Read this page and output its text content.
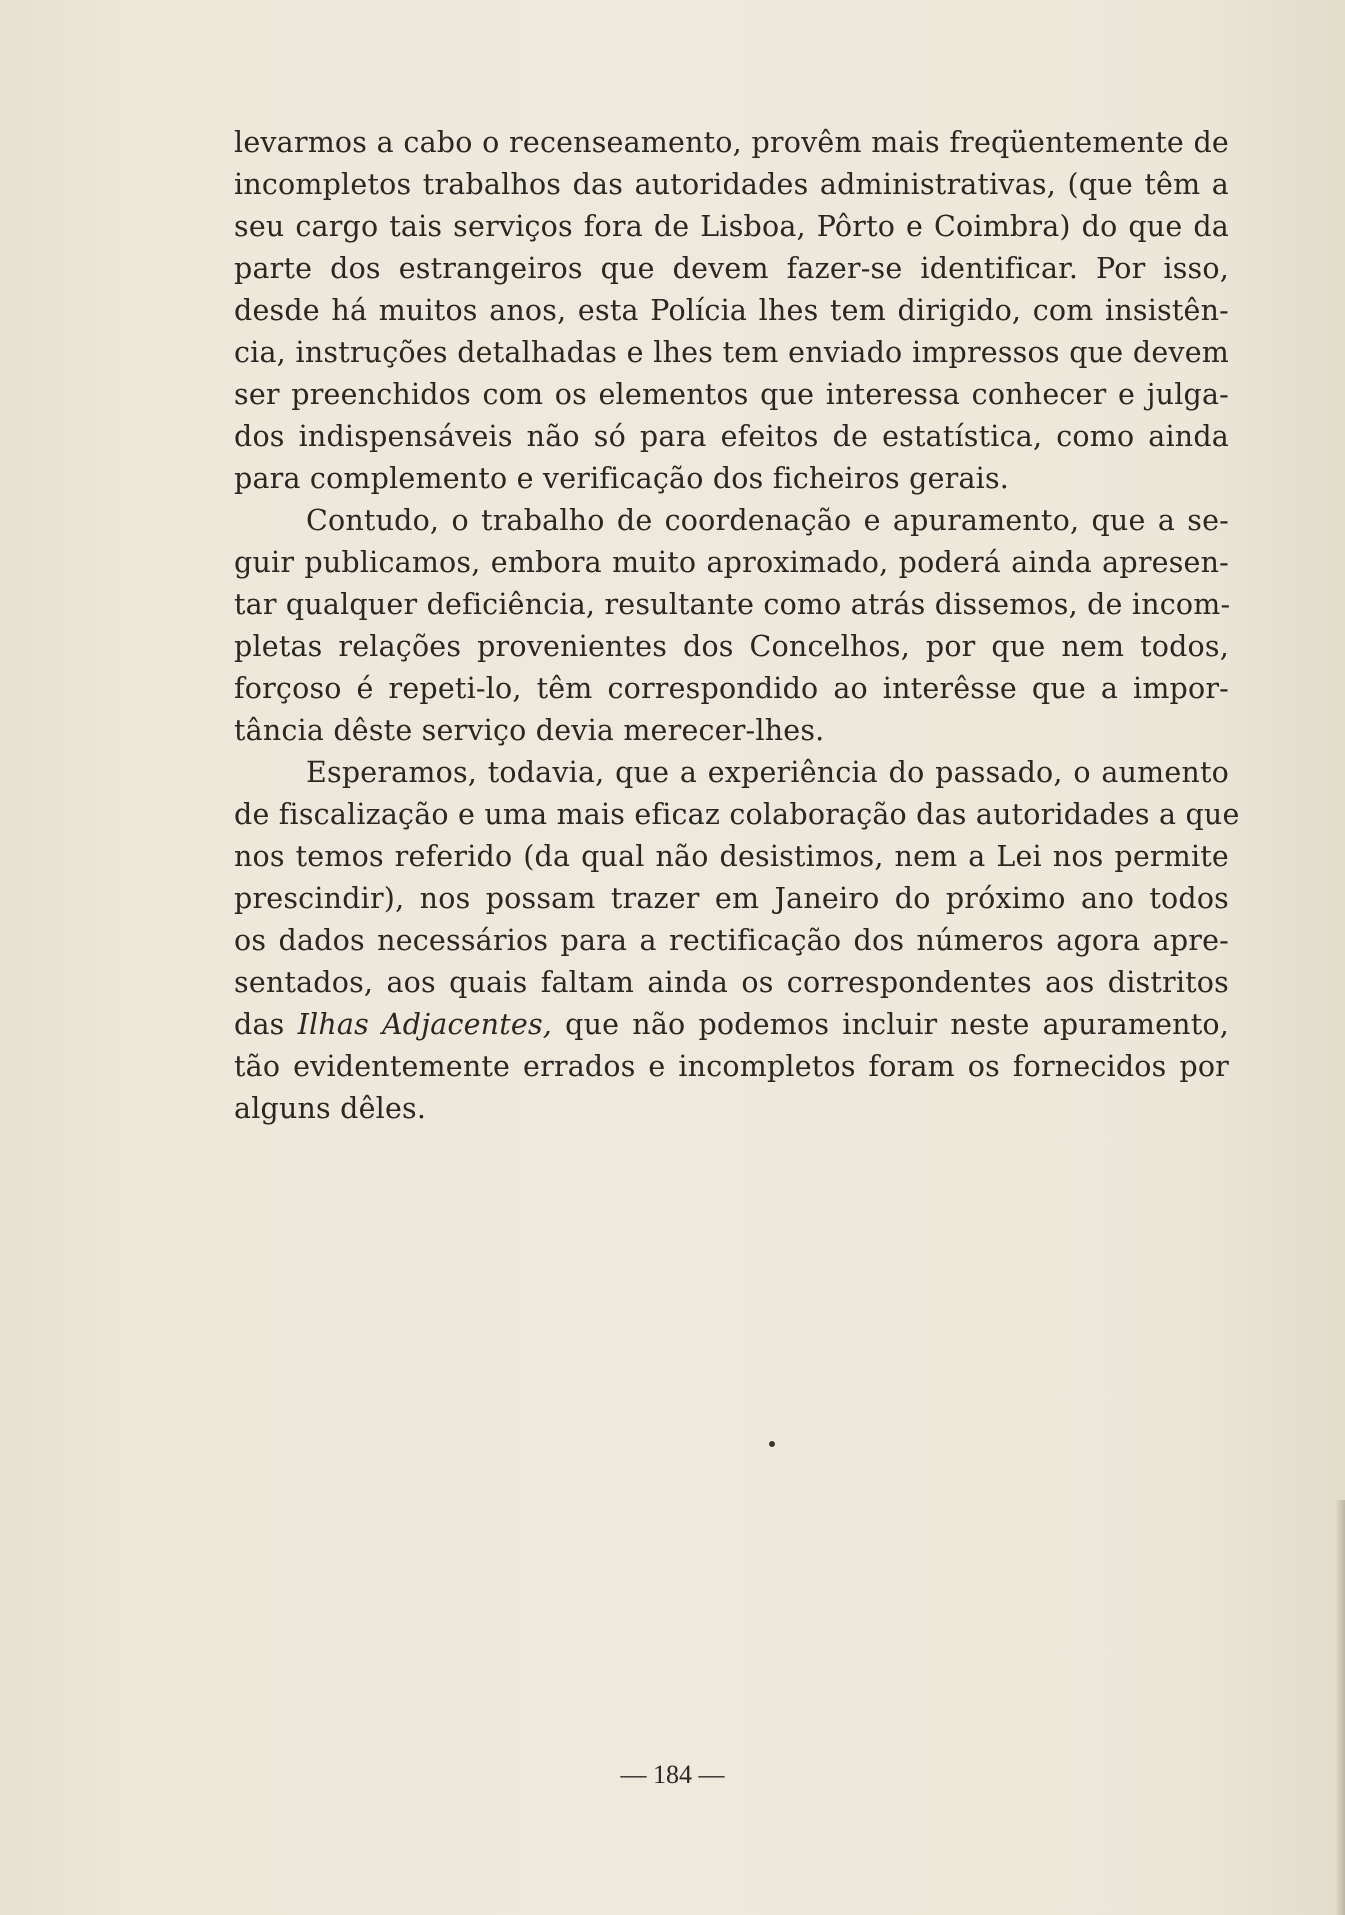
levarmos a cabo o recenseamento, provêm mais freqüentemente de
incompletos trabalhos das autoridades administrativas, (que têm a
seu cargo tais serviços fora de Lisboa, Pôrto e Coimbra) do que da
parte dos estrangeiros que devem fazer-se identificar. Por isso,
desde há muitos anos, esta Polícia lhes tem dirigido, com insistên-
cia, instruções detalhadas e lhes tem enviado impressos que devem
ser preenchidos com os elementos que interessa conhecer e julga-
dos indispensáveis não só para efeitos de estatística, como ainda
para complemento e verificação dos ficheiros gerais.
Contudo, o trabalho de coordenação e apuramento, que a se-
guir publicamos, embora muito aproximado, poderá ainda apresen-
tar qualquer deficiência, resultante como atrás dissemos, de incom-
pletas relações provenientes dos Concelhos, por que nem todos,
forçoso é repeti-lo, têm correspondido ao interêsse que a impor-
tância dêste serviço devia merecer-lhes.
Esperamos, todavia, que a experiência do passado, o aumento
de fiscalização e uma mais eficaz colaboração das autoridades a que
nos temos referido (da qual não desistimos, nem a Lei nos permite
prescindir), nos possam trazer em Janeiro do próximo ano todos
os dados necessários para a rectificação dos números agora apre-
sentados, aos quais faltam ainda os correspondentes aos distritos
das Ilhas Adjacentes, que não podemos incluir neste apuramento,
tão evidentemente errados e incompletos foram os fornecidos por
alguns dêles.
— 184 —
